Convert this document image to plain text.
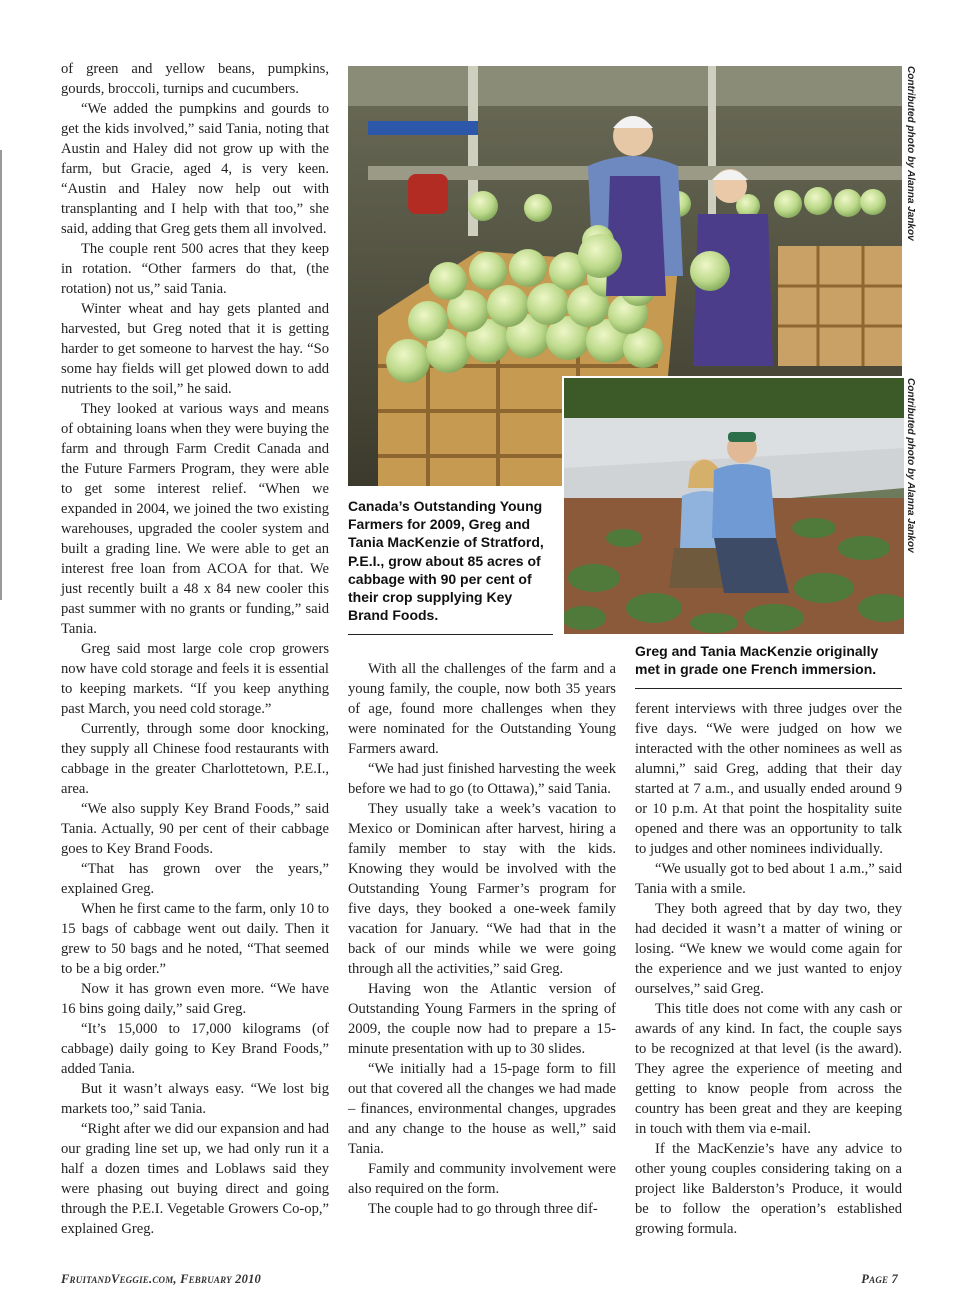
of green and yellow beans, pumpkins, gourds, broccoli, turnips and cucumbers.

“We added the pumpkins and gourds to get the kids involved,” said Tania, noting that Austin and Haley did not grow up with the farm, but Gracie, aged 4, is very keen. “Austin and Haley now help out with transplanting and I help with that too,” she said, adding that Greg gets them all involved.

The couple rent 500 acres that they keep in rotation. “Other farmers do that, (the rotation) not us,” said Tania.

Winter wheat and hay gets planted and harvested, but Greg noted that it is getting harder to get someone to harvest the hay. “So some hay fields will get plowed down to add nutrients to the soil,” he said.

They looked at various ways and means of obtaining loans when they were buying the farm and through Farm Credit Canada and the Future Farmers Program, they were able to get some interest relief. “When we expanded in 2004, we joined the two existing warehouses, upgraded the cooler system and built a grading line. We were able to get an interest free loan from ACOA for that. We just recently built a 48 x 84 new cooler this past summer with no grants or funding,” said Tania.

Greg said most large cole crop growers now have cold storage and feels it is essential to keeping markets. “If you keep anything past March, you need cold storage.”

Currently, through some door knocking, they supply all Chinese food restaurants with cabbage in the greater Charlottetown, P.E.I., area.

“We also supply Key Brand Foods,” said Tania. Actually, 90 per cent of their cabbage goes to Key Brand Foods.

“That has grown over the years,” explained Greg.

When he first came to the farm, only 10 to 15 bags of cabbage went out daily. Then it grew to 50 bags and he noted, “That seemed to be a big order.”

Now it has grown even more. “We have 16 bins going daily,” said Greg.

“It’s 15,000 to 17,000 kilograms (of cabbage) daily going to Key Brand Foods,” added Tania.

But it wasn’t always easy. “We lost big markets too,” said Tania.

“Right after we did our expansion and had our grading line set up, we had only run it a half a dozen times and Loblaws said they were phasing out buying direct and going through the P.E.I. Vegetable Growers Co-op,” explained Greg.

With all the challenges of the farm and a young family, the couple, now both 35 years of age, found more challenges when they were nominated for the Outstanding Young Farmers award.

“We had just finished harvesting the week before we had to go (to Ottawa),” said Tania.

They usually take a week’s vacation to Mexico or Dominican after harvest, hiring a family member to stay with the kids. Knowing they would be involved with the Outstanding Young Farmer’s program for five days, they booked a one-week family vacation for January. “We had that in the back of our minds while we were going through all the activities,” said Greg.

Having won the Atlantic version of Outstanding Young Farmers in the spring of 2009, the couple now had to prepare a 15-minute presentation with up to 30 slides.

“We initially had a 15-page form to fill out that covered all the changes we had made – finances, environmental changes, upgrades and any change to the house as well,” said Tania.

Family and community involvement were also required on the form.

The couple had to go through three dif-

ferent interviews with three judges over the five days. “We were judged on how we interacted with the other nominees as well as alumni,” said Greg, adding that their day started at 7 a.m., and usually ended around 9 or 10 p.m. At that point the hospitality suite opened and there was an opportunity to talk to judges and other nominees individually.

“We usually got to bed about 1 a.m.,” said Tania with a smile.

They both agreed that by day two, they had decided it wasn’t a matter of wining or losing. “We knew we would come again for the experience and we just wanted to enjoy ourselves,” said Greg.

This title does not come with any cash or awards of any kind. In fact, the couple says to be recognized at that level (is the award). They agree the experience of meeting and getting to know people from across the country has been great and they are keeping in touch with them via e-mail.

If the MacKenzie’s have any advice to other young couples considering taking on a project like Balderston’s Produce, it would be to follow the operation’s established growing formula.

Contributed photo by Alanna Jankov
Contributed photo by Alanna Jankov
Canada’s Outstanding Young Farmers for 2009, Greg and Tania MacKenzie of Stratford, P.E.I., grow about 85 acres of cabbage with 90 per cent of their crop supplying Key Brand Foods.
Greg and Tania MacKenzie originally met in grade one French immersion.
FruitandVeggie.com, February 2010	Page 7
